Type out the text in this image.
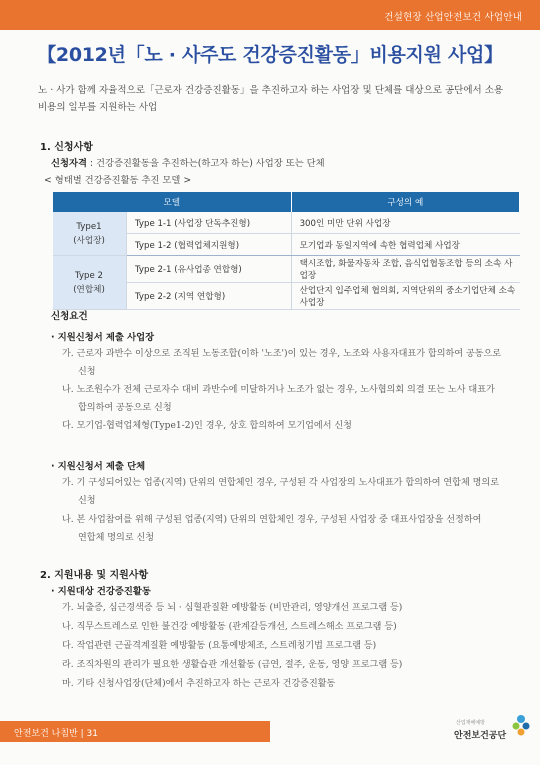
건설현장 산업안전보건 사업안내
【2012년「노 · 사주도 건강증진활동」비용지원 사업】
노 · 사가 함께 자율적으로「근로자 건강증진활동」을 추진하고자 하는 사업장 및 단체를 대상으로 공단에서 소용비용의 일부를 지원하는 사업
1. 신청사항
신청자격 : 건강증진활동을 추진하는(하고자 하는) 사업장 또는 단체
< 형태별 건강증진활동 추진 모델 >
모델		구성의 예
Type1
(사업장)	Type 1-1 (사업장 단독추진형)	300인 미만 단위 사업장
	Type 1-2 (협력업체지원형)	모기업과 동일지역에 속한 협력업체 사업장
Type 2
(연합체)	Type 2-1 (유사업종 연합형)	택시조합, 화물자동차 조합, 음식업협동조합 등의 소속 사업장
	Type 2-2 (지역 연합형)	산업단지 입주업체 협의회, 지역단위의 중소기업단체 소속사업장
신청요건
· 지원신청서 제출 사업장
가. 근로자 과반수 이상으로 조직된 노동조합(이하 '노조')이 있는 경우, 노조와 사용자대표가 합의하여 공동으로
신청
나. 노조원수가 전체 근로자수 대비 과반수에 미달하거나 노조가 없는 경우, 노사협의회 의결 또는 노사 대표가
합의하여 공동으로 신청
다. 모기업-협력업체형(Type1-2)인 경우, 상호 합의하여 모기업에서 신청
· 지원신청서 제출 단체
가. 기 구성되어있는 업종(지역) 단위의 연합체인 경우, 구성된 각 사업장의 노사대표가 합의하여 연합체 명의로
신청
나. 본 사업참여를 위해 구성된 업종(지역) 단위의 연합체인 경우, 구성된 사업장 중 대표사업장을 선정하여
연합체 명의로 신청
2. 지원내용 및 지원사항
· 지원대상 건강증진활동
가. 뇌출증, 심근경색증 등 뇌 · 심혈관질환 예방활동 (비만관리, 영양개선 프로그램 등)
나. 직무스트레스로 인한 불건강 예방활동 (관계갈등개선, 스트레스해소 프로그램 등)
다. 작업관련 근골격계질환 예방활동 (요통예방체조, 스트레칭기법 프로그램 등)
라. 조직차원의 관리가 필요한 생활습관 개선활동 (금연, 절주, 운동, 영양 프로그램 등)
마. 기타 신청사업장(단체)에서 추진하고자 하는 근로자 건강증진활동
안전보건 나침반 | 31
산업재해예방
안전보건공단
